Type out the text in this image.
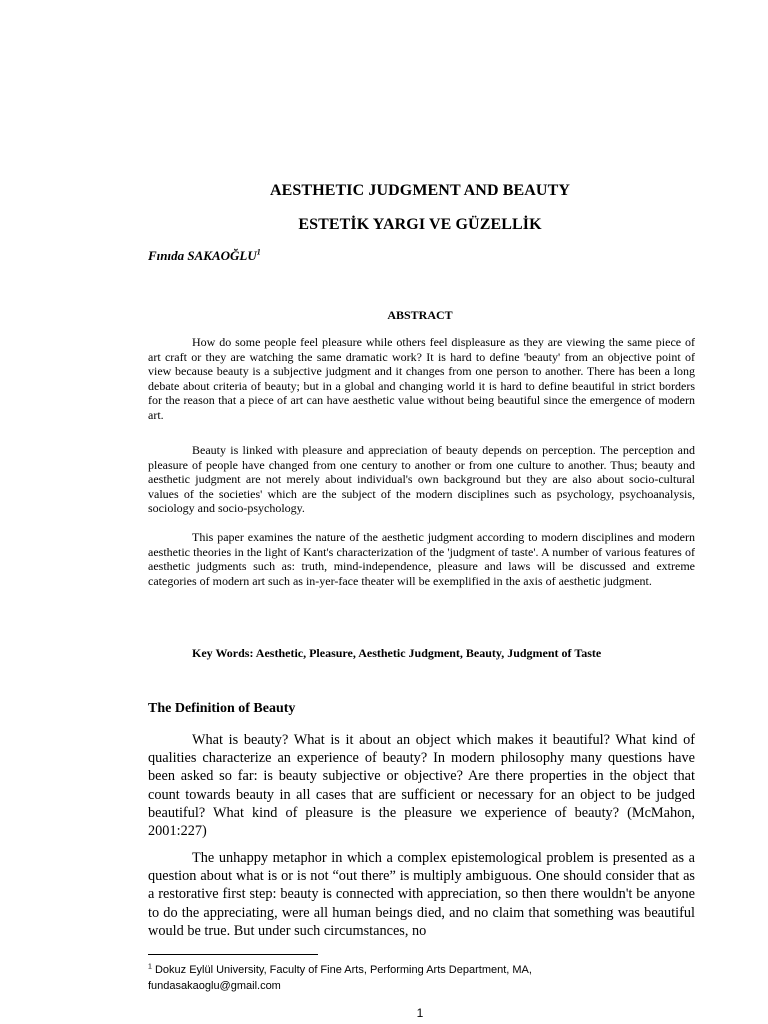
AESTHETIC JUDGMENT AND BEAUTY
ESTETİK YARGI VE GÜZELLİK
Fınıda SAKAOĞLU$^1$
ABSTRACT

How do some people feel pleasure while others feel displeasure as they are viewing the same piece of art craft or they are watching the same dramatic work? It is hard to define 'beauty' from an objective point of view because beauty is a subjective judgment and it changes from one person to another. There has been a long debate about criteria of beauty; but in a global and changing world it is hard to define beautiful in strict borders for the reason that a piece of art can have aesthetic value without being beautiful since the emergence of modern art.

Beauty is linked with pleasure and appreciation of beauty depends on perception. The perception and pleasure of people have changed from one century to another or from one culture to another. Thus; beauty and aesthetic judgment are not merely about individual's own background but they are also about socio-cultural values of the societies' which are the subject of the modern disciplines such as psychology, psychoanalysis, sociology and socio-psychology.

This paper examines the nature of the aesthetic judgment according to modern disciplines and modern aesthetic theories in the light of Kant's characterization of the 'judgment of taste'. A number of various features of aesthetic judgments such as: truth, mind-independence, pleasure and laws will be discussed and extreme categories of modern art such as in-yer-face theater will be exemplified in the axis of aesthetic judgment.

Key Words: Aesthetic, Pleasure, Aesthetic Judgment, Beauty, Judgment of Taste
The Definition of Beauty

What is beauty? What is it about an object which makes it beautiful? What kind of qualities characterize an experience of beauty? In modern philosophy many questions have been asked so far: is beauty subjective or objective? Are there properties in the object that count towards beauty in all cases that are sufficient or necessary for an object to be judged beautiful? What kind of pleasure is the pleasure we experience of beauty? (McMahon, 2001:227)

The unhappy metaphor in which a complex epistemological problem is presented as a question about what is or is not “out there” is multiply ambiguous. One should consider that as a restorative first step: beauty is connected with appreciation, so then there wouldn't be anyone to do the appreciating, were all human beings died, and no claim that something was beautiful would be true. But under such circumstances, no

$^1$ Dokuz Eylül University, Faculty of Fine Arts, Performing Arts Department, MA,
fundasakaoglu@gmail.com
1
